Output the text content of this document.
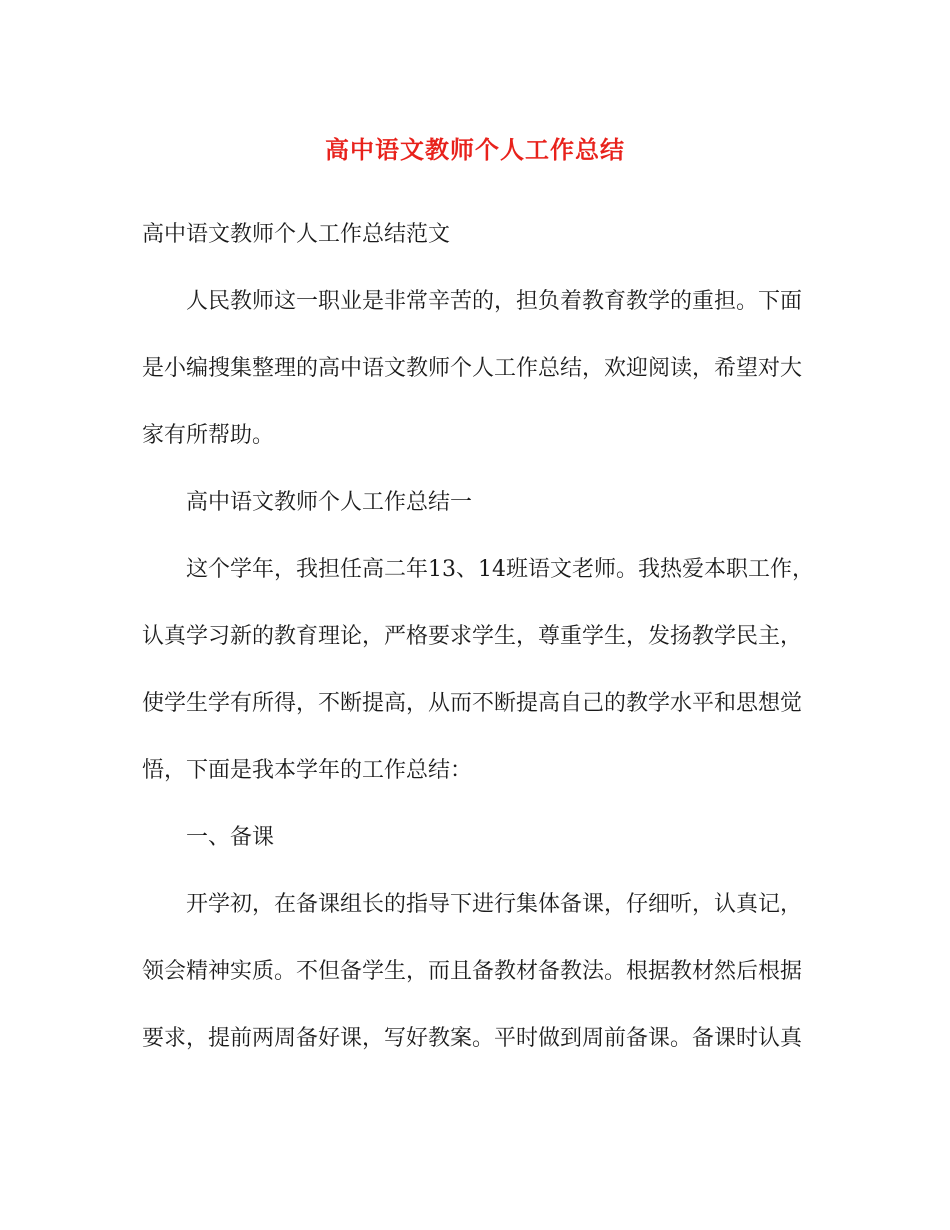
高中语文教师个人工作总结
高中语文教师个人工作总结范文
人民教师这一职业是非常辛苦的，担负着教育教学的重担。下面
是小编搜集整理的高中语文教师个人工作总结，欢迎阅读，希望对大
家有所帮助。
高中语文教师个人工作总结一
这个学年，我担任高二年13、14班语文老师。我热爱本职工作，
认真学习新的教育理论，严格要求学生，尊重学生，发扬教学民主，
使学生学有所得，不断提高，从而不断提高自己的教学水平和思想觉
悟，下面是我本学年的工作总结：
一、备课
开学初，在备课组长的指导下进行集体备课，仔细听，认真记，
领会精神实质。不但备学生，而且备教材备教法。根据教材然后根据
要求，提前两周备好课，写好教案。平时做到周前备课。备课时认真
